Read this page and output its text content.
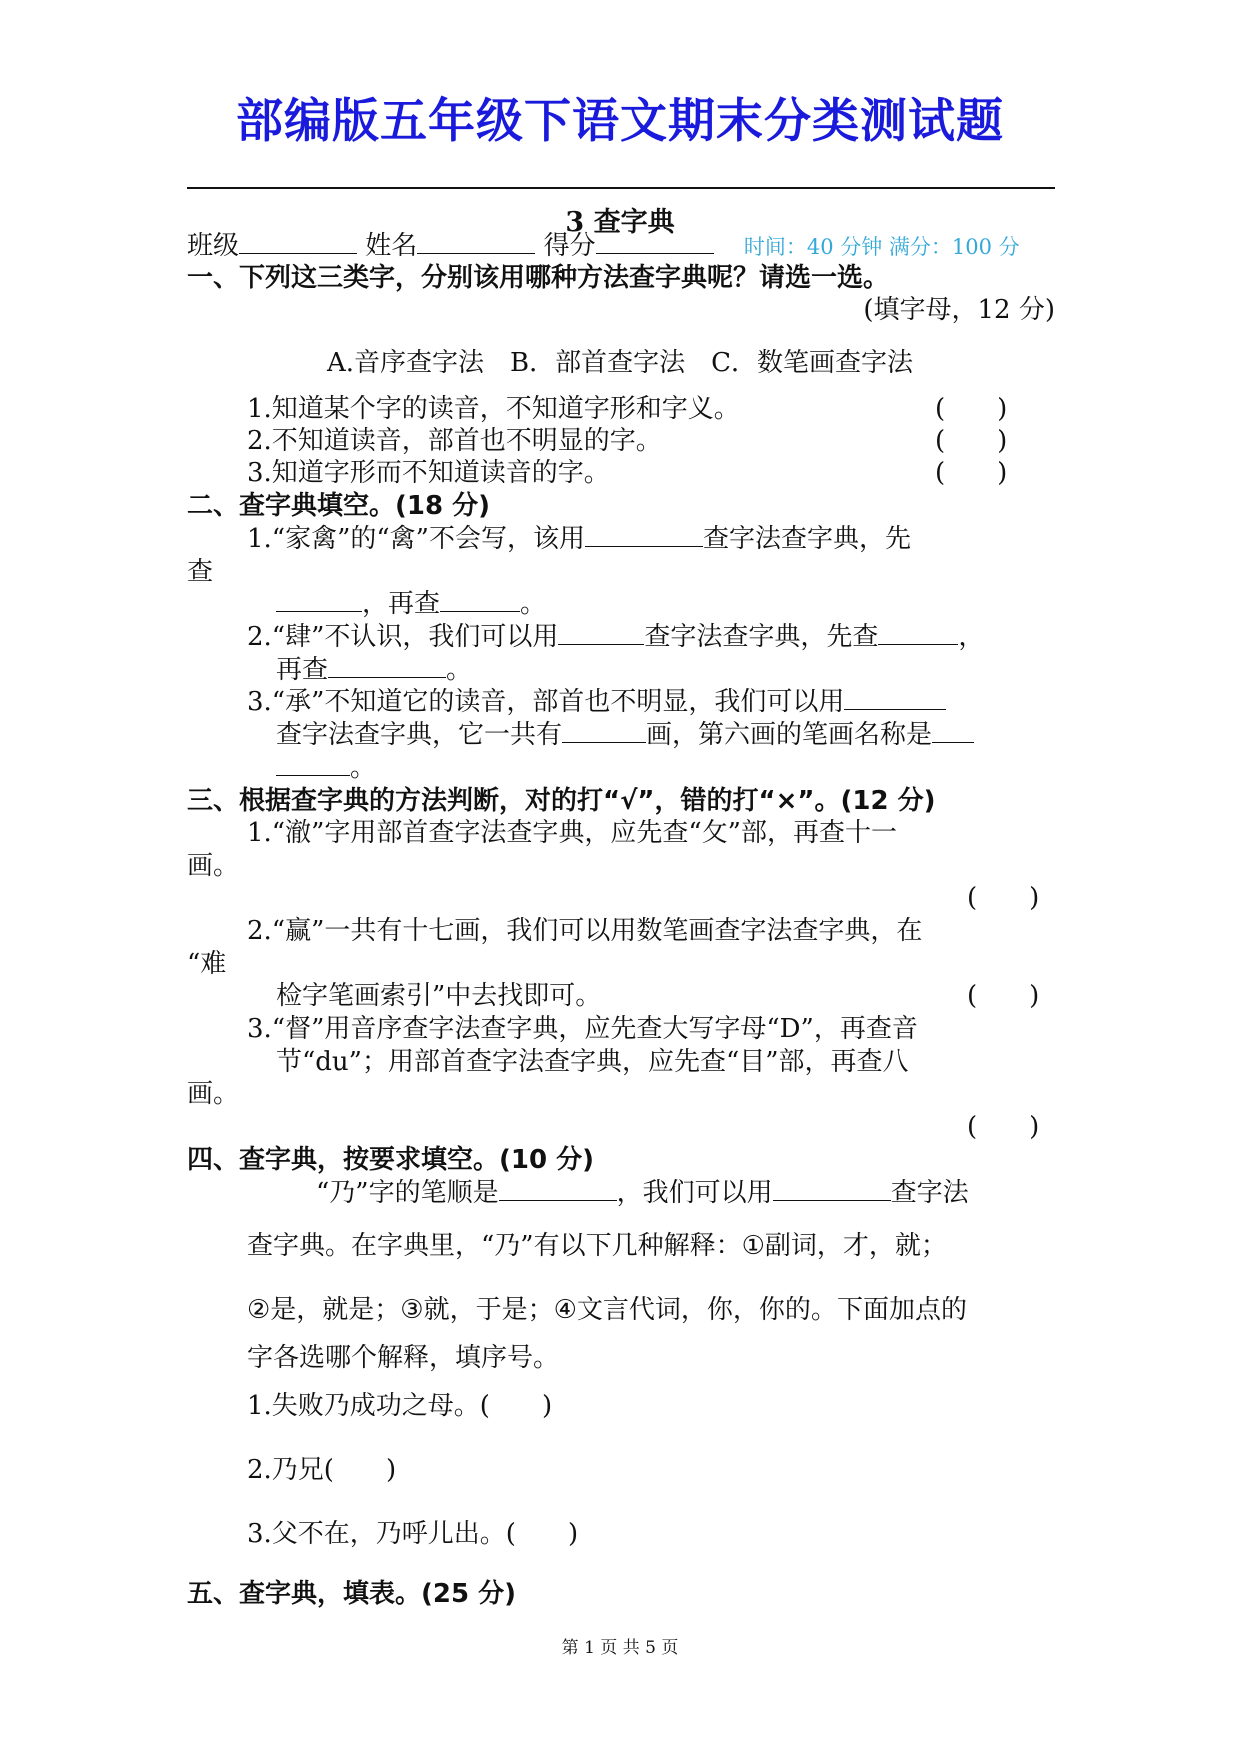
部编版五年级下语文期末分类测试题
3 查字典
班级	姓名	得分	时间：40 分钟 满分：100 分
一、下列这三类字，分别该用哪种方法查字典呢？请选一选。
(填字母，12 分)
A.音序查字法　B．部首查字法　C．数笔画查字法
1.知道某个字的读音，不知道字形和字义。	(　　)
2.不知道读音，部首也不明显的字。	(　　)
3.知道字形而不知道读音的字。	(　　)
二、查字典填空。(18 分)
1.“家禽”的“禽”不会写，该用	查字法查字典，先
查
，再查	。
2.“肆”不认识，我们可以用	查字法查字典，先查	，
再查	。
3.“承”不知道它的读音，部首也不明显，我们可以用
查字法查字典，它一共有	画，第六画的笔画名称是
。
三、根据查字典的方法判断，对的打“√”，错的打“×”。(12 分)
1.“澈”字用部首查字法查字典，应先查“攵”部，再查十一
画。
(　　)
2.“赢”一共有十七画，我们可以用数笔画查字法查字典，在
“难
检字笔画索引”中去找即可。	(　　)
3.“督”用音序查字法查字典，应先查大写字母“D”，再查音
节“du”；用部首查字法查字典，应先查“目”部，再查八
画。
(　　)
四、查字典，按要求填空。(10 分)
“乃”字的笔顺是	，我们可以用	查字法
查字典。在字典里，“乃”有以下几种解释：①副词，才，就；
②是，就是；③就，于是；④文言代词，你，你的。下面加点的
字各选哪个解释，填序号。
1.失败乃成功之母。(　　)
2.乃兄(　　)
3.父不在，乃呼儿出。(　　)
五、查字典，填表。(25 分)
第 1 页 共 5 页
